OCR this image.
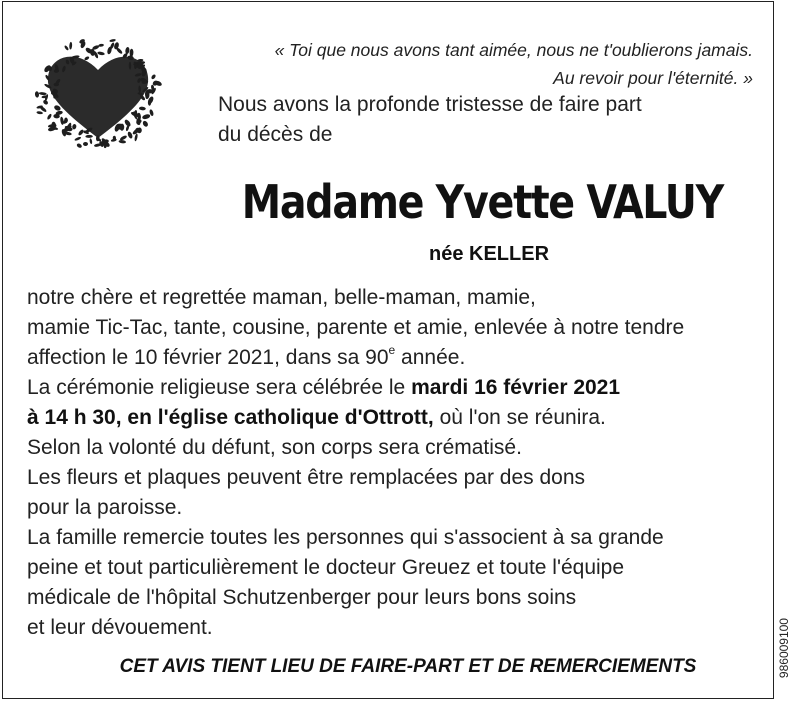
« Toi que nous avons tant aimée, nous ne t'oublierons jamais.
Au revoir pour l'éternité. »
Nous avons la profonde tristesse de faire part
du décès de
Madame Yvette VALUY
née KELLER
notre chère et regrettée maman, belle-maman, mamie,
mamie Tic-Tac, tante, cousine, parente et amie, enlevée à notre tendre
affection le 10 février 2021, dans sa 90e année.
La cérémonie religieuse sera célébrée le mardi 16 février 2021
à 14 h 30, en l'église catholique d'Ottrott, où l'on se réunira.
Selon la volonté du défunt, son corps sera crématisé.
Les fleurs et plaques peuvent être remplacées par des dons
pour la paroisse.
La famille remercie toutes les personnes qui s'associent à sa grande
peine et tout particulièrement le docteur Greuez et toute l'équipe
médicale de l'hôpital Schutzenberger pour leurs bons soins
et leur dévouement.
CET AVIS TIENT LIEU DE FAIRE-PART ET DE REMERCIEMENTS	986009100
